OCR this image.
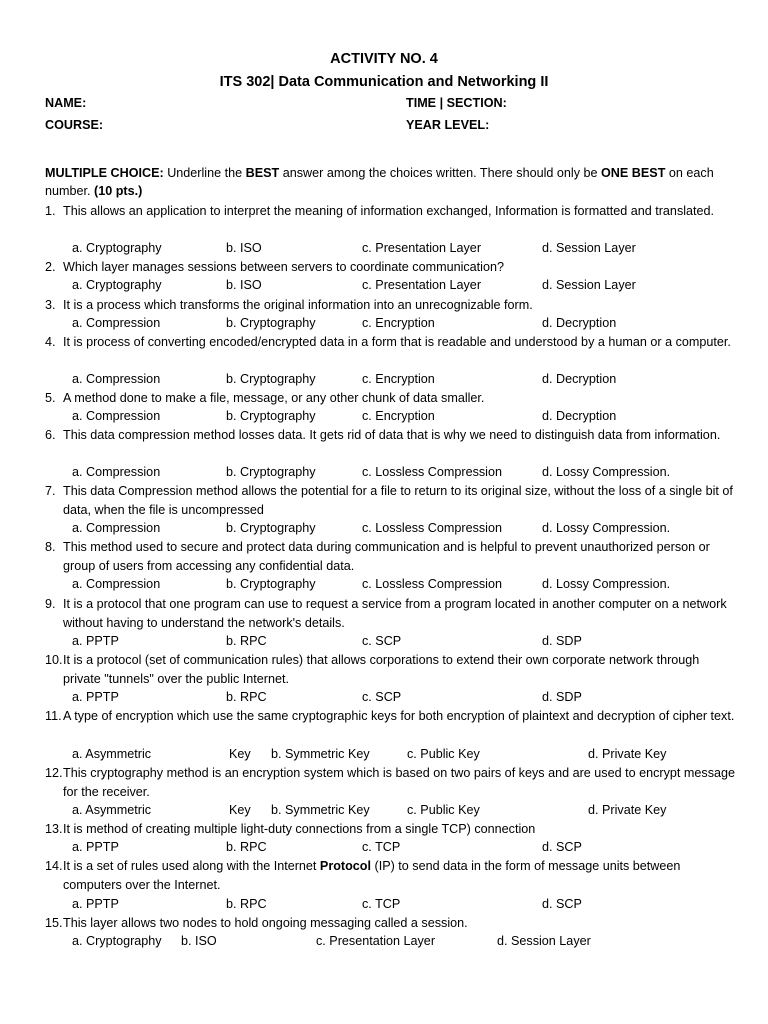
ACTIVITY NO. 4
ITS 302| Data Communication and Networking II
NAME:	TIME | SECTION:
COURSE:	YEAR LEVEL:
MULTIPLE CHOICE: Underline the BEST answer among the choices written. There should only be ONE BEST on each number. (10 pts.)
1. This allows an application to interpret the meaning of information exchanged, Information is formatted and translated.
a. Cryptography	b. ISO	c. Presentation Layer	d. Session Layer
2. Which layer manages sessions between servers to coordinate communication?
a. Cryptography	b. ISO	c. Presentation Layer	d. Session Layer
3. It is a process which transforms the original information into an unrecognizable form.
a. Compression	b. Cryptography	c. Encryption	d. Decryption
4. It is process of converting encoded/encrypted data in a form that is readable and understood by a human or a computer.
a. Compression	b. Cryptography	c. Encryption	d. Decryption
5. A method done to make a file, message, or any other chunk of data smaller.
a. Compression	b. Cryptography	c. Encryption	d. Decryption
6. This data compression method losses data. It gets rid of data that is why we need to distinguish data from information.
a. Compression	b. Cryptography	c. Lossless Compression	d. Lossy Compression.
7. This data Compression method allows the potential for a file to return to its original size, without the loss of a single bit of data, when the file is uncompressed
a. Compression	b. Cryptography	c. Lossless Compression	d. Lossy Compression.
8. This method used to secure and protect data during communication and is helpful to prevent unauthorized person or group of users from accessing any confidential data.
a. Compression	b. Cryptography	c. Lossless Compression	d. Lossy Compression.
9. It is a protocol that one program can use to request a service from a program located in another computer on a network without having to understand the network's details.
a. PPTP	b. RPC	c. SCP	d. SDP
10. It is a protocol (set of communication rules) that allows corporations to extend their own corporate network through private "tunnels" over the public Internet.
a. PPTP	b. RPC	c. SCP	d. SDP
11. A type of encryption which use the same cryptographic keys for both encryption of plaintext and decryption of cipher text.
a. Asymmetric	Key b. Symmetric Key	c. Public Key	d. Private Key
12. This cryptography method is an encryption system which is based on two pairs of keys and are used to encrypt message for the receiver.
a. Asymmetric	Key b. Symmetric Key	c. Public Key	d. Private Key
13. It is method of creating multiple light-duty connections from a single TCP) connection
a. PPTP	b. RPC	c. TCP	d. SCP
14. It is a set of rules used along with the Internet Protocol (IP) to send data in the form of message units between computers over the Internet.
a. PPTP	b. RPC	c. TCP	d. SCP
15. This layer allows two nodes to hold ongoing messaging called a session.
a. Cryptography b. ISO	c. Presentation Layer	d. Session Layer
